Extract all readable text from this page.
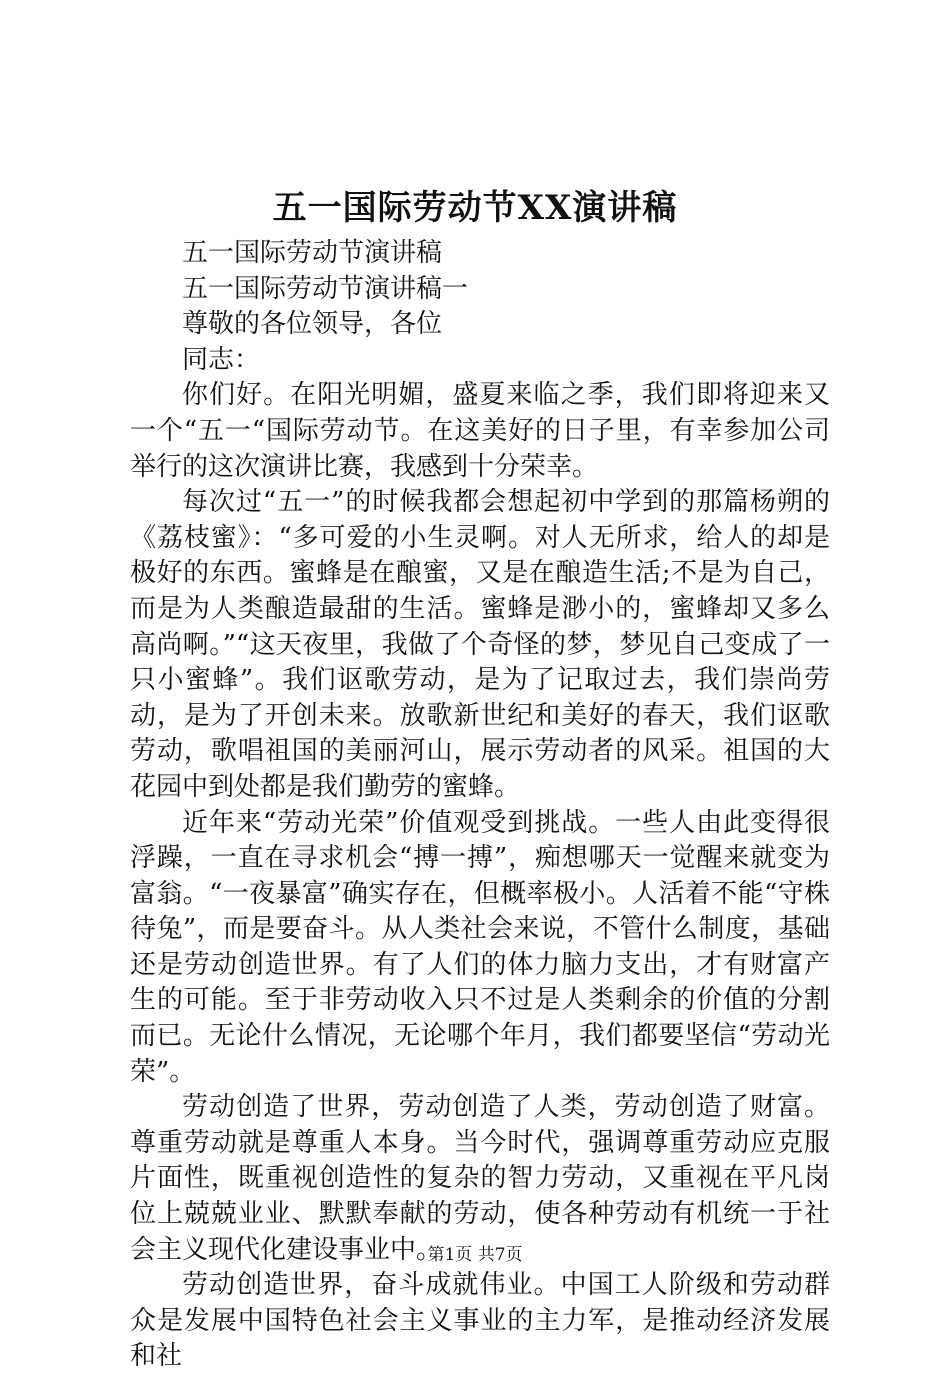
五一国际劳动节XX演讲稿

五一国际劳动节演讲稿

五一国际劳动节演讲稿一

尊敬的各位领导，各位

同志：

你们好。在阳光明媚，盛夏来临之季，我们即将迎来又一个“五一“国际劳动节。在这美好的日子里，有幸参加公司举行的这次演讲比赛，我感到十分荣幸。

每次过“五一”的时候我都会想起初中学到的那篇杨朔的《荔枝蜜》：“多可爱的小生灵啊。对人无所求，给人的却是极好的东西。蜜蜂是在酿蜜，又是在酿造生活;不是为自己，而是为人类酿造最甜的生活。蜜蜂是渺小的，蜜蜂却又多么高尚啊。”“这天夜里，我做了个奇怪的梦，梦见自己变成了一只小蜜蜂”。我们讴歌劳动，是为了记取过去，我们崇尚劳动，是为了开创未来。放歌新世纪和美好的春天，我们讴歌劳动，歌唱祖国的美丽河山，展示劳动者的风采。祖国的大花园中到处都是我们勤劳的蜜蜂。

近年来“劳动光荣”价值观受到挑战。一些人由此变得很浮躁，一直在寻求机会“搏一搏”，痴想哪天一觉醒来就变为富翁。“一夜暴富”确实存在，但概率极小。人活着不能“守株待兔”，而是要奋斗。从人类社会来说，不管什么制度，基础还是劳动创造世界。有了人们的体力脑力支出，才有财富产生的可能。至于非劳动收入只不过是人类剩余的价值的分割而已。无论什么情况，无论哪个年月，我们都要坚信“劳动光荣”。

劳动创造了世界，劳动创造了人类，劳动创造了财富。尊重劳动就是尊重人本身。当今时代，强调尊重劳动应克服片面性，既重视创造性的复杂的智力劳动，又重视在平凡岗位上兢兢业业、默默奉献的劳动，使各种劳动有机统一于社会主义现代化建设事业中。

劳动创造世界，奋斗成就伟业。中国工人阶级和劳动群众是发展中国特色社会主义事业的主力军，是推动经济发展和社

第1页 共7页
